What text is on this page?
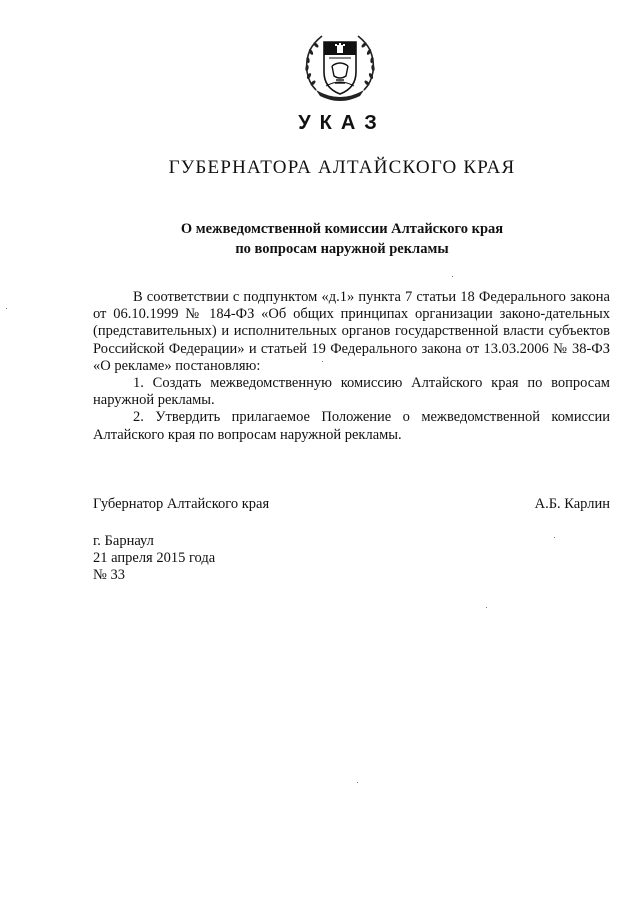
УКАЗ
ГУБЕРНАТОРА АЛТАЙСКОГО КРАЯ
О межведомственной комиссии Алтайского края
по вопросам наружной рекламы

В соответствии с подпунктом «д.1» пункта 7 статьи 18 Федерального закона от 06.10.1999 № 184-ФЗ «Об общих принципах организации законо-дательных (представительных) и исполнительных органов государственной власти субъектов Российской Федерации» и статьей 19 Федерального закона от 13.03.2006 № 38-ФЗ «О рекламе» постановляю:

1. Создать межведомственную комиссию Алтайского края по вопросам наружной рекламы.

2. Утвердить прилагаемое Положение о межведомственной комиссии Алтайского края по вопросам наружной рекламы.

Губернатор Алтайского края	А.Б. Карлин
г. Барнаул
21 апреля 2015 года
№ 33
